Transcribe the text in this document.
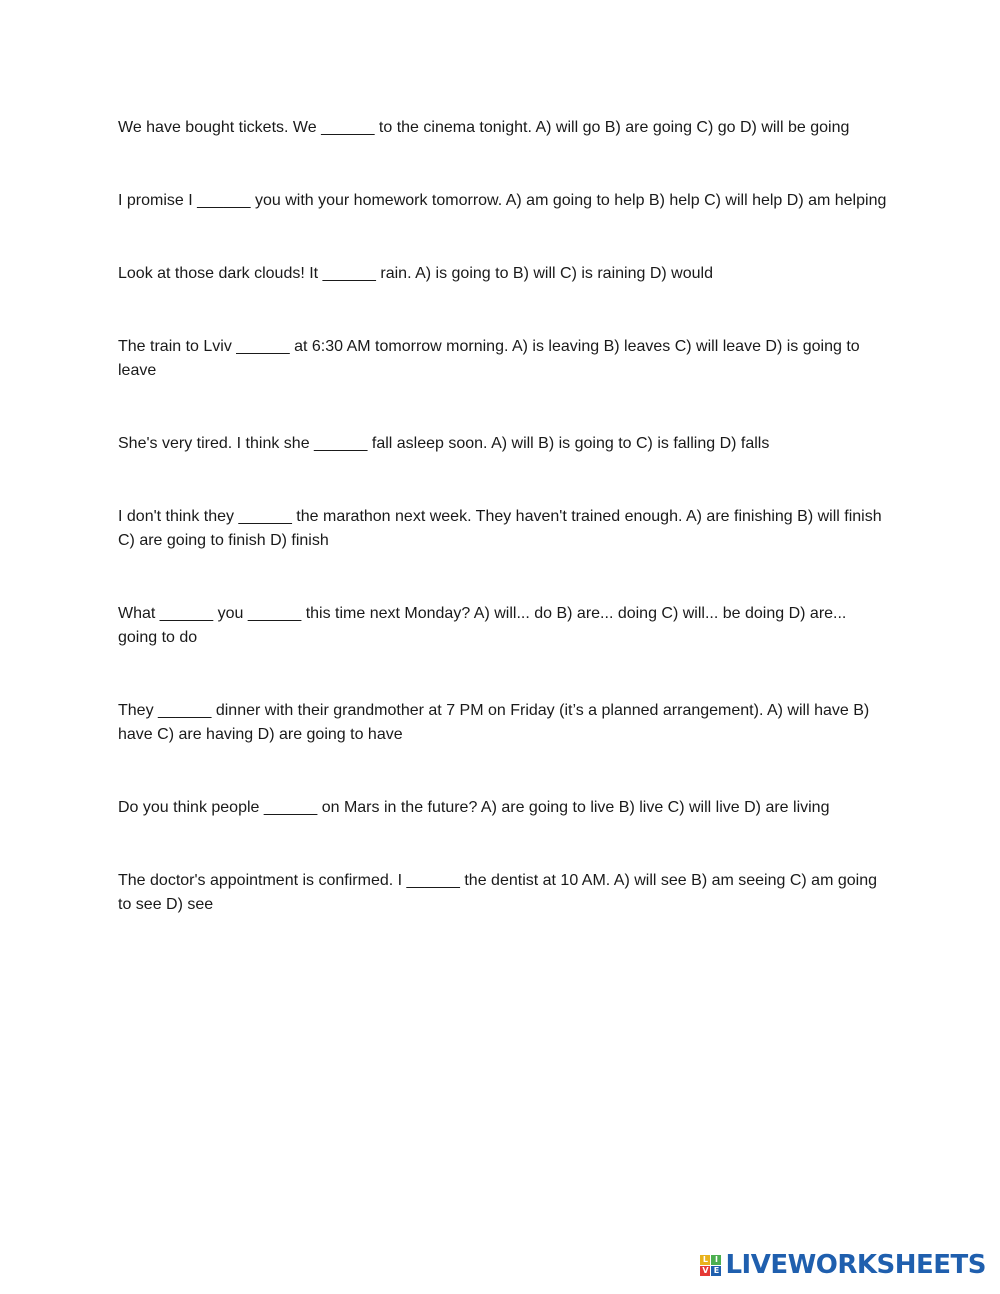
We have bought tickets. We ______ to the cinema tonight. A) will go B) are going C) go D) will be going

I promise I ______ you with your homework tomorrow. A) am going to help B) help C) will help D) am helping

Look at those dark clouds! It ______ rain. A) is going to B) will C) is raining D) would

The train to Lviv ______ at 6:30 AM tomorrow morning. A) is leaving B) leaves C) will leave D) is going to leave

She's very tired. I think she ______ fall asleep soon. A) will B) is going to C) is falling D) falls

I don't think they ______ the marathon next week. They haven't trained enough. A) are finishing B) will finish C) are going to finish D) finish

What ______ you ______ this time next Monday? A) will... do B) are... doing C) will... be doing D) are... going to do

They ______ dinner with their grandmother at 7 PM on Friday (it’s a planned arrangement). A) will have B) have C) are having D) are going to have

Do you think people ______ on Mars in the future? A) are going to live B) live C) will live D) are living

The doctor's appointment is confirmed. I ______ the dentist at 10 AM. A) will see B) am seeing C) am going to see D) see

L I
V E LIVEWORKSHEETS
